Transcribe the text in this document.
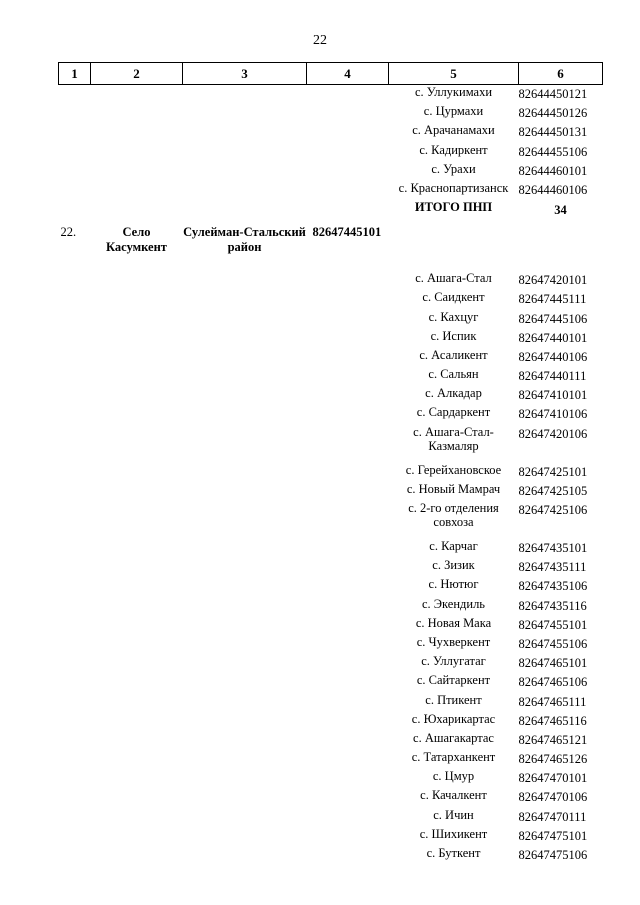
22
1	2	3	4	5	6
				с. Уллукимахи	82644450121
				с. Цурмахи	82644450126
				с. Арачанамахи	82644450131
				с. Кадиркент	82644455106
				с. Урахи	82644460101
				с. Краснопартизанск	82644460106
				ИТОГО ПНП	34
22.	Село Касумкент	Сулейман-Стальский район	82647445101		
				с. Ашага-Стал	82647420101
				с. Саидкент	82647445111
				с. Кахцуг	82647445106
				с. Испик	82647440101
				с. Асаликент	82647440106
				с. Сальян	82647440111
				с. Алкадар	82647410101
				с. Сардаркент	82647410106
				с. Ашага-Стал-Казмаляр	82647420106
				с. Герейхановское	82647425101
				с. Новый Мамрач	82647425105
				с. 2-го отделения совхоза	82647425106
				с. Карчаг	82647435101
				с. Зизик	82647435111
				с. Нютюг	82647435106
				с. Экендиль	82647435116
				с. Новая Мака	82647455101
				с. Чухверкент	82647455106
				с. Уллугатаг	82647465101
				с. Сайтаркент	82647465106
				с. Птикент	82647465111
				с. Юхарикартас	82647465116
				с. Ашагакартас	82647465121
				с. Татарханкент	82647465126
				с. Цмур	82647470101
				с. Качалкент	82647470106
				с. Ичин	82647470111
				с. Шихикент	82647475101
				с. Буткент	82647475106
